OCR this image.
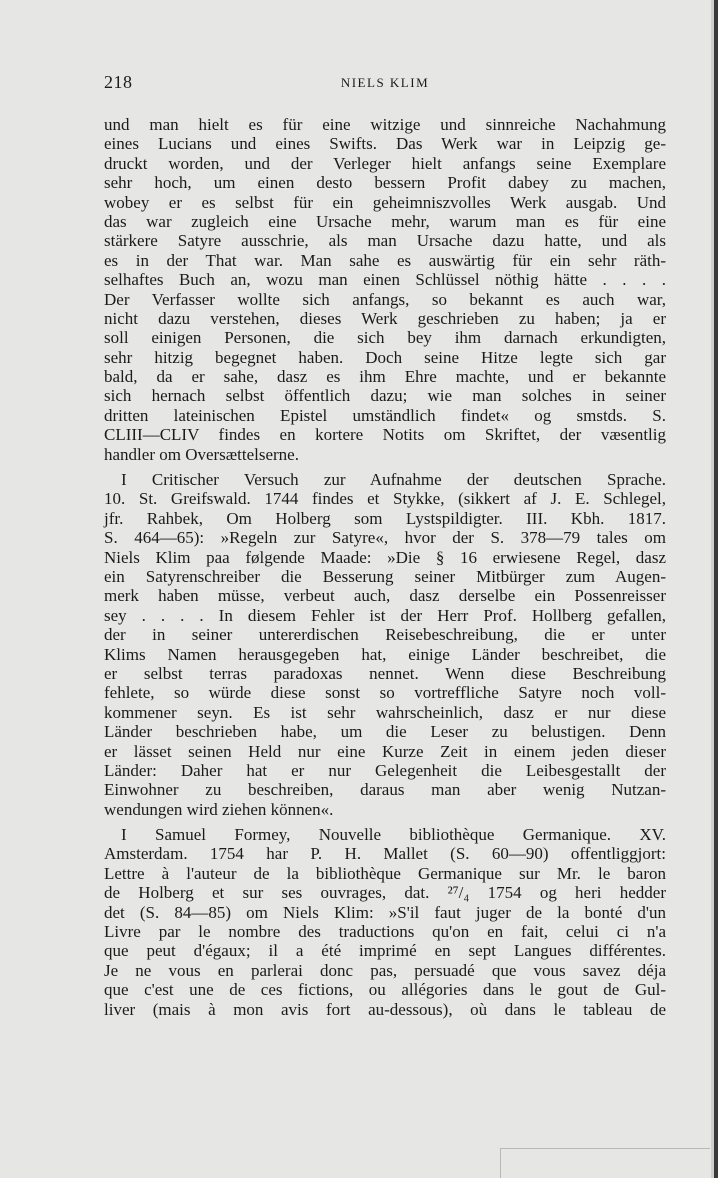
218	NIELS KLIM
und man hielt es für eine witzige und sinnreiche Nachahmung
eines Lucians und eines Swifts. Das Werk war in Leipzig ge-
druckt worden, und der Verleger hielt anfangs seine Exemplare
sehr hoch, um einen desto bessern Profit dabey zu machen,
wobey er es selbst für ein geheimniszvolles Werk ausgab. Und
das war zugleich eine Ursache mehr, warum man es für eine
stärkere Satyre ausschrie, als man Ursache dazu hatte, und als
es in der That war. Man sahe es auswärtig für ein sehr räth-
selhaftes Buch an, wozu man einen Schlüssel nöthig hätte . . . .
Der Verfasser wollte sich anfangs, so bekannt es auch war,
nicht dazu verstehen, dieses Werk geschrieben zu haben; ja er
soll einigen Personen, die sich bey ihm darnach erkundigten,
sehr hitzig begegnet haben. Doch seine Hitze legte sich gar
bald, da er sahe, dasz es ihm Ehre machte, und er bekannte
sich hernach selbst öffentlich dazu; wie man solches in seiner
dritten lateinischen Epistel umständlich findet« og smstds. S.
CLIII—CLIV findes en kortere Notits om Skriftet, der væsentlig
handler om Oversættelserne.
I Critischer Versuch zur Aufnahme der deutschen Sprache.
10. St. Greifswald. 1744 findes et Stykke, (sikkert af J. E. Schlegel,
jfr. Rahbek, Om Holberg som Lystspildigter. III. Kbh. 1817.
S. 464—65): »Regeln zur Satyre«, hvor der S. 378—79 tales om
Niels Klim paa følgende Maade: »Die § 16 erwiesene Regel, dasz
ein Satyrenschreiber die Besserung seiner Mitbürger zum Augen-
merk haben müsse, verbeut auch, dasz derselbe ein Possenreisser
sey . . . . In diesem Fehler ist der Herr Prof. Hollberg gefallen,
der in seiner untererdischen Reisebeschreibung, die er unter
Klims Namen herausgegeben hat, einige Länder beschreibet, die
er selbst terras paradoxas nennet. Wenn diese Beschreibung
fehlete, so würde diese sonst so vortreffliche Satyre noch voll-
kommener seyn. Es ist sehr wahrscheinlich, dasz er nur diese
Länder beschrieben habe, um die Leser zu belustigen. Denn
er lässet seinen Held nur eine Kurze Zeit in einem jeden dieser
Länder: Daher hat er nur Gelegenheit die Leibesgestallt der
Einwohner zu beschreiben, daraus man aber wenig Nutzan-
wendungen wird ziehen können«.
I Samuel Formey, Nouvelle bibliothèque Germanique. XV.
Amsterdam. 1754 har P. H. Mallet (S. 60—90) offentliggjort:
Lettre à l'auteur de la bibliothèque Germanique sur Mr. le baron
de Holberg et sur ses ouvrages, dat. ²⁷/₄ 1754 og heri hedder
det (S. 84—85) om Niels Klim: »S'il faut juger de la bonté d'un
Livre par le nombre des traductions qu'on en fait, celui ci n'a
que peut d'égaux; il a été imprimé en sept Langues différentes.
Je ne vous en parlerai donc pas, persuadé que vous savez déja
que c'est une de ces fictions, ou allégories dans le gout de Gul-
liver (mais à mon avis fort au-dessous), où dans le tableau de
